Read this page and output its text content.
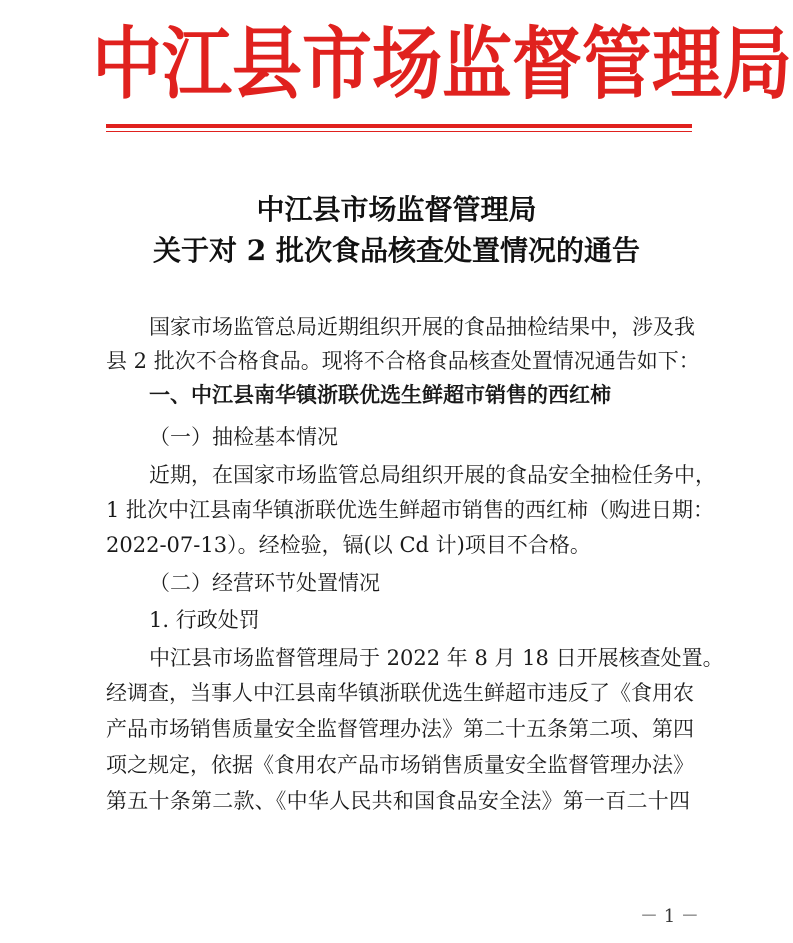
中江县市场监督管理局
中江县市场监督管理局
关于对 2 批次食品核查处置情况的通告
国家市场监管总局近期组织开展的食品抽检结果中，涉及我
县 2 批次不合格食品。现将不合格食品核查处置情况通告如下：
一、中江县南华镇浙联优选生鲜超市销售的西红柿
（一）抽检基本情况
近期，在国家市场监管总局组织开展的食品安全抽检任务中，
1 批次中江县南华镇浙联优选生鲜超市销售的西红柿（购进日期：
2022-07-13）。经检验，镉(以 Cd 计)项目不合格。
（二）经营环节处置情况
1. 行政处罚
中江县市场监督管理局于 2022 年 8 月 18 日开展核查处置。
经调查，当事人中江县南华镇浙联优选生鲜超市违反了《食用农
产品市场销售质量安全监督管理办法》第二十五条第二项、第四
项之规定，依据《食用农产品市场销售质量安全监督管理办法》
第五十条第二款、《中华人民共和国食品安全法》第一百二十四
－ 1 －
